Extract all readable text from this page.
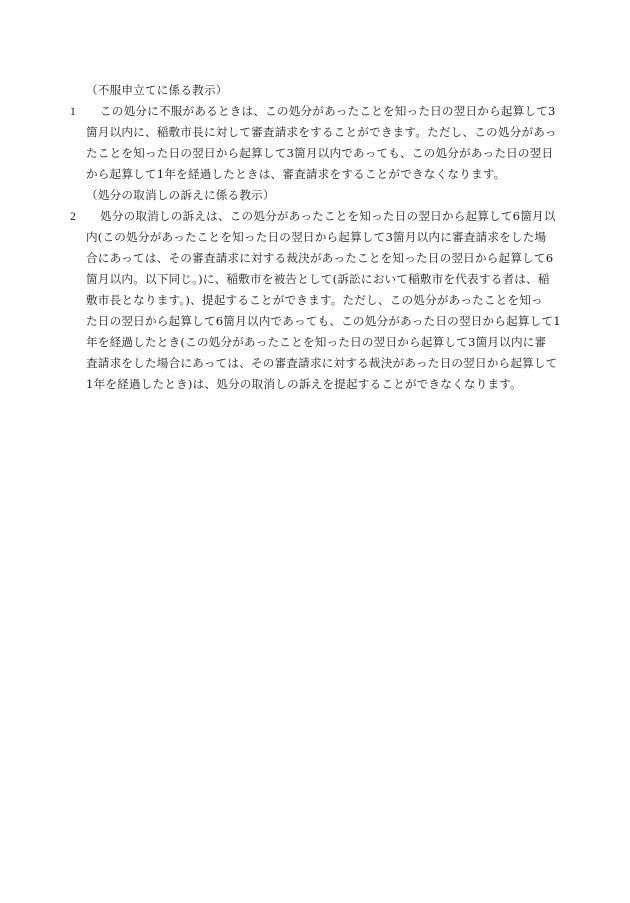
（不服申立てに係る教示）

1	この処分に不服があるときは、この処分があったことを知った日の翌日から起算して3
箇月以内に、稲敷市長に対して審査請求をすることができます。ただし、この処分があっ
たことを知った日の翌日から起算して3箇月以内であっても、この処分があった日の翌日
から起算して1年を経過したときは、審査請求をすることができなくなります。

（処分の取消しの訴えに係る教示）

2	処分の取消しの訴えは、この処分があったことを知った日の翌日から起算して6箇月以
内(この処分があったことを知った日の翌日から起算して3箇月以内に審査請求をした場
合にあっては、その審査請求に対する裁決があったことを知った日の翌日から起算して6
箇月以内。以下同じ。)に、稲敷市を被告として(訴訟において稲敷市を代表する者は、稲
敷市長となります。)、提起することができます。ただし、この処分があったことを知っ
た日の翌日から起算して6箇月以内であっても、この処分があった日の翌日から起算して1
年を経過したとき(この処分があったことを知った日の翌日から起算して3箇月以内に審
査請求をした場合にあっては、その審査請求に対する裁決があった日の翌日から起算して
1年を経過したとき)は、処分の取消しの訴えを提起することができなくなります。
